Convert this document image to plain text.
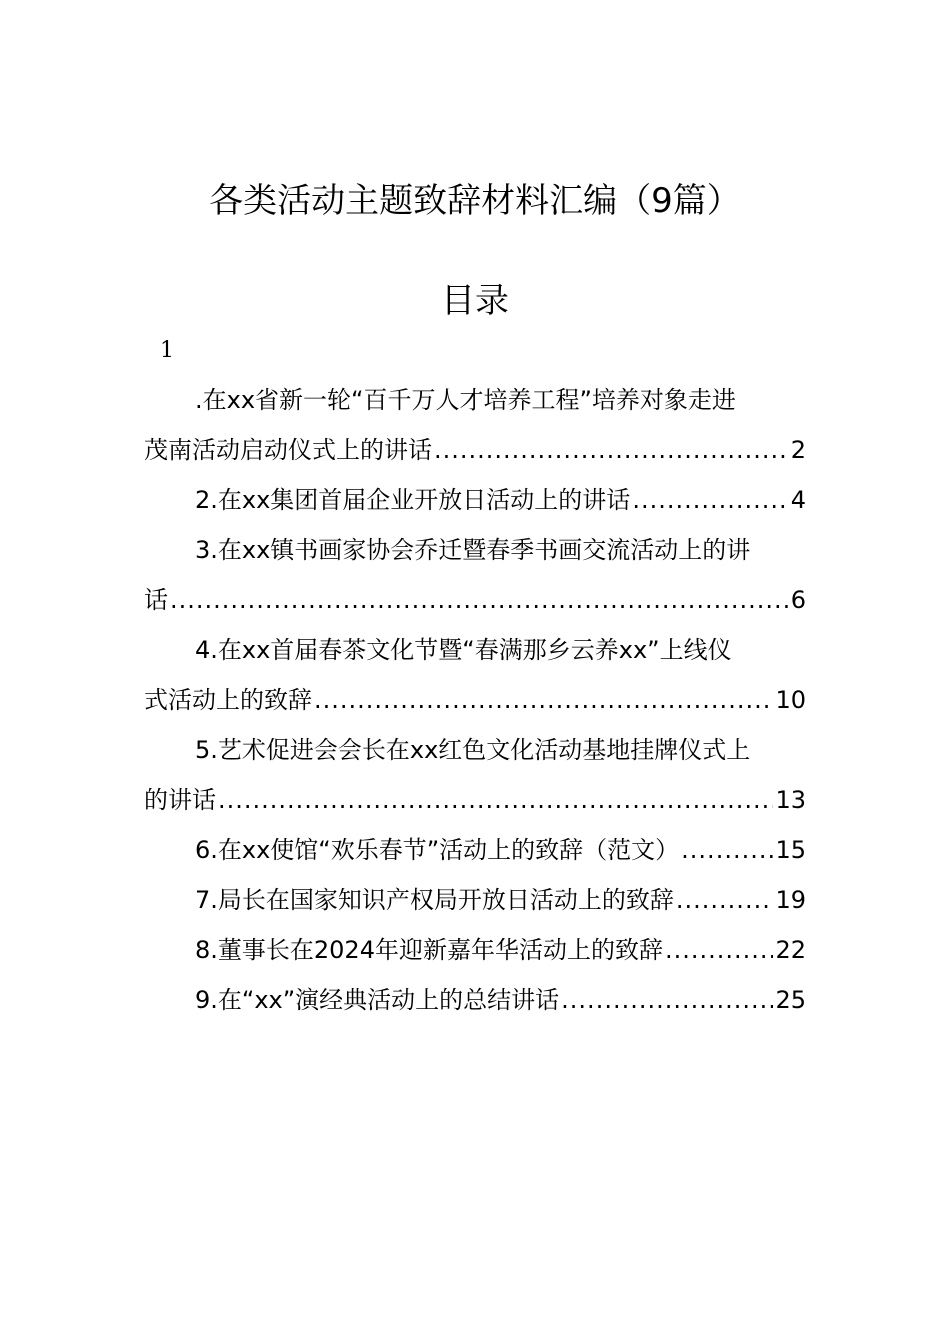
各类活动主题致辞材料汇编（9篇）
目录
1
.在xx省新一轮“百千万人才培养工程”培养对象走进
茂南活动启动仪式上的讲话 .....	2
2.在xx集团首届企业开放日活动上的讲话 .....	4
3.在xx镇书画家协会乔迁暨春季书画交流活动上的讲
话 .....	6
4.在xx首届春茶文化节暨“春满那乡云养xx”上线仪
式活动上的致辞 .....	10
5.艺术促进会会长在xx红色文化活动基地挂牌仪式上
的讲话 .....	13
6.在xx使馆“欢乐春节”活动上的致辞（范文） .....	15
7.局长在国家知识产权局开放日活动上的致辞 .....	19
8.董事长在2024年迎新嘉年华活动上的致辞 .....	22
9.在“xx”演经典活动上的总结讲话 .....	25
